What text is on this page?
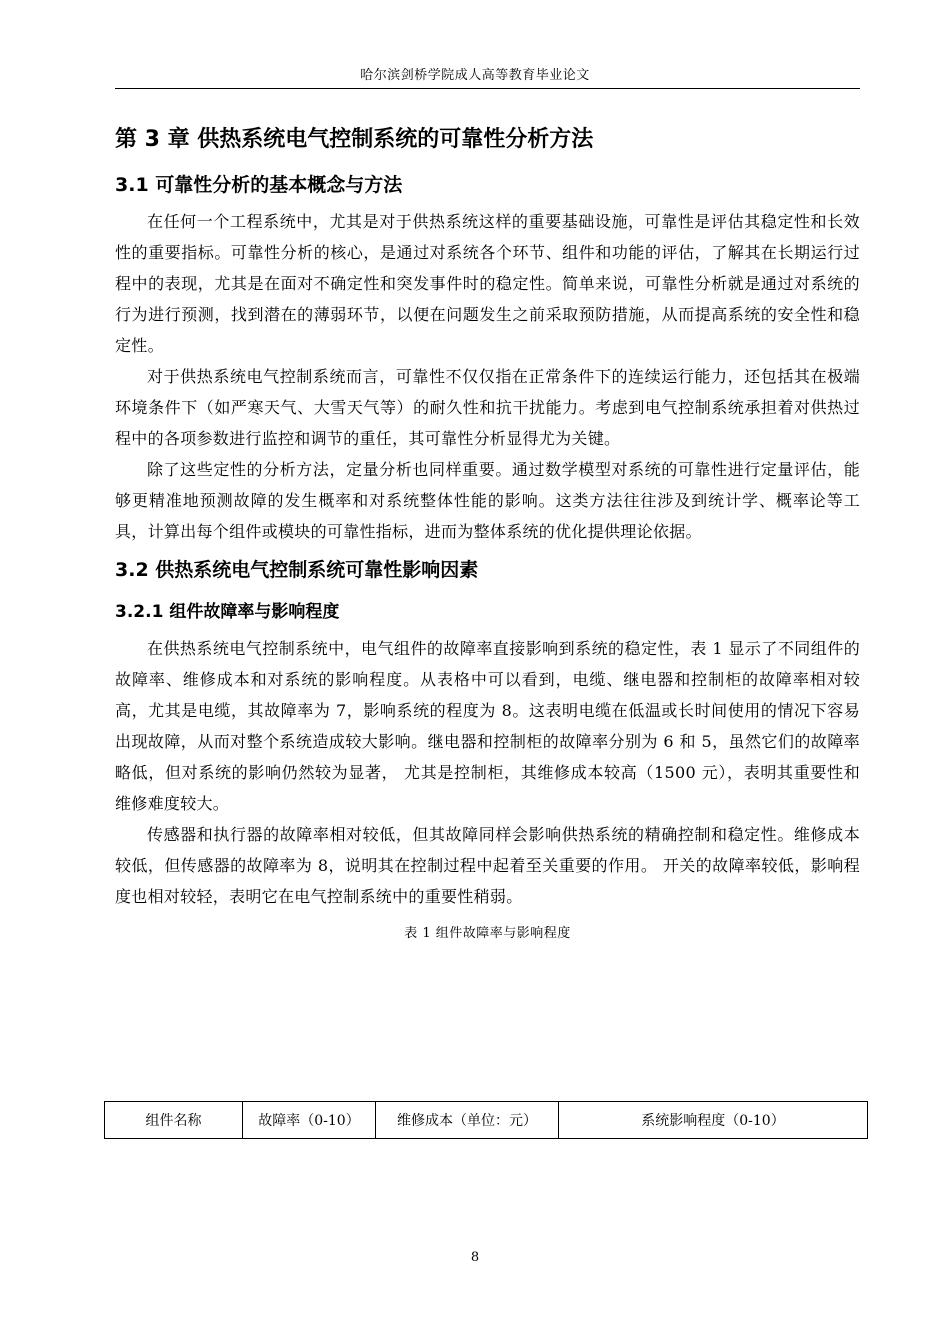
哈尔滨剑桥学院成人高等教育毕业论文
第 3 章 供热系统电气控制系统的可靠性分析方法
3.1 可靠性分析的基本概念与方法

在任何一个工程系统中，尤其是对于供热系统这样的重要基础设施，可靠性是评估其稳定性和长效性的重要指标。可靠性分析的核心，是通过对系统各个环节、组件和功能的评估，了解其在长期运行过程中的表现，尤其是在面对不确定性和突发事件时的稳定性。简单来说，可靠性分析就是通过对系统的行为进行预测，找到潜在的薄弱环节，以便在问题发生之前采取预防措施，从而提高系统的安全性和稳定性。

对于供热系统电气控制系统而言，可靠性不仅仅指在正常条件下的连续运行能力，还包括其在极端环境条件下（如严寒天气、大雪天气等）的耐久性和抗干扰能力。考虑到电气控制系统承担着对供热过程中的各项参数进行监控和调节的重任，其可靠性分析显得尤为关键。

除了这些定性的分析方法，定量分析也同样重要。通过数学模型对系统的可靠性进行定量评估，能够更精准地预测故障的发生概率和对系统整体性能的影响。这类方法往往涉及到统计学、概率论等工具，计算出每个组件或模块的可靠性指标，进而为整体系统的优化提供理论依据。

3.2 供热系统电气控制系统可靠性影响因素
3.2.1 组件故障率与影响程度

在供热系统电气控制系统中，电气组件的故障率直接影响到系统的稳定性，表 1 显示了不同组件的故障率、维修成本和对系统的影响程度。从表格中可以看到，电缆、继电器和控制柜的故障率相对较高，尤其是电缆，其故障率为 7，影响系统的程度为 8。这表明电缆在低温或长时间使用的情况下容易出现故障，从而对整个系统造成较大影响。继电器和控制柜的故障率分别为 6 和 5，虽然它们的故障率略低，但对系统的影响仍然较为显著， 尤其是控制柜，其维修成本较高（1500 元），表明其重要性和维修难度较大。

传感器和执行器的故障率相对较低，但其故障同样会影响供热系统的精确控制和稳定性。维修成本较低，但传感器的故障率为 8，说明其在控制过程中起着至关重要的作用。 开关的故障率较低，影响程度也相对较轻，表明它在电气控制系统中的重要性稍弱。

表 1 组件故障率与影响程度
组件名称	故障率（0-10）	维修成本（单位：元）	系统影响程度（0-10）
8
